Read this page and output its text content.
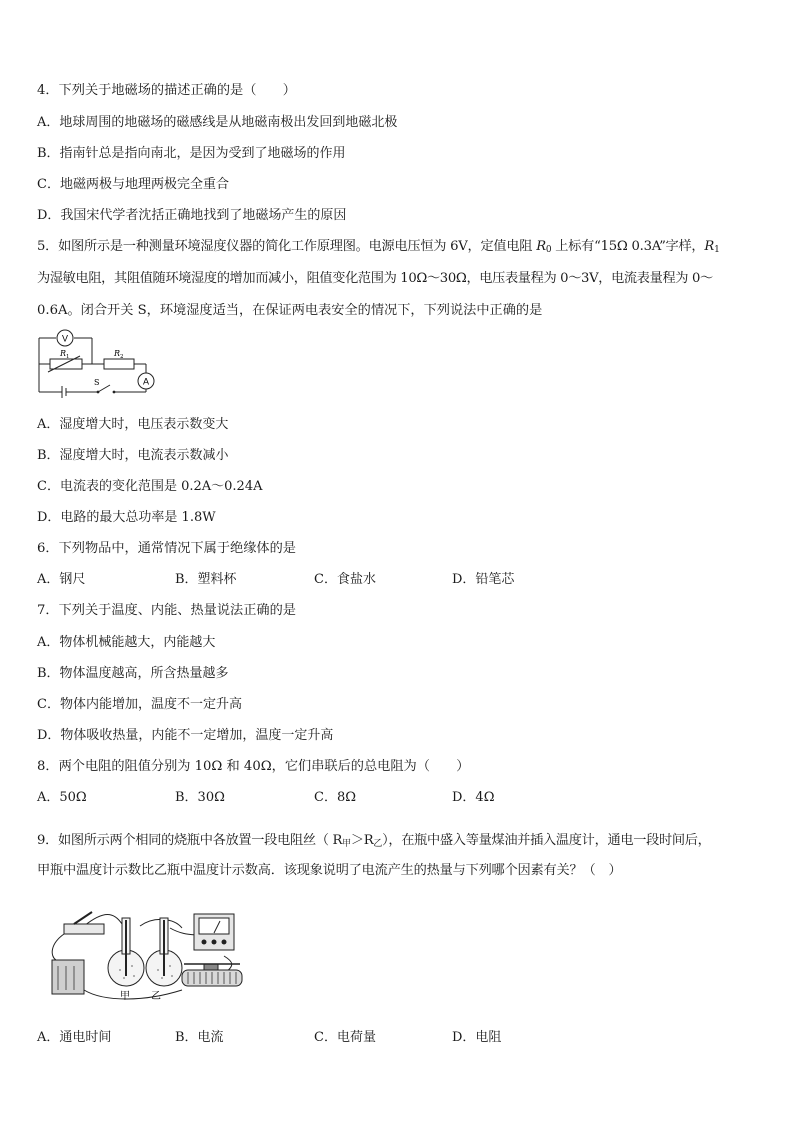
4．下列关于地磁场的描述正确的是（　　）
A．地球周围的地磁场的磁感线是从地磁南极出发回到地磁北极
B．指南针总是指向南北，是因为受到了地磁场的作用
C．地磁两极与地理两极完全重合
D．我国宋代学者沈括正确地找到了地磁场产生的原因
5．如图所示是一种测量环境湿度仪器的简化工作原理图。电源电压恒为 6V，定值电阻 $R_0$ 上标有“15Ω 0.3A”字样，$R_1$
为湿敏电阻，其阻值随环境湿度的增加而减小，阻值变化范围为 10Ω～30Ω，电压表量程为 0～3V，电流表量程为 0～
0.6A。闭合开关 S，环境湿度适当，在保证两电表安全的情况下，下列说法中正确的是
V
A
R 1	R 2
S
A．湿度增大时，电压表示数变大
B．湿度增大时，电流表示数减小
C．电流表的变化范围是 0.2A～0.24A
D．电路的最大总功率是 1.8W
6．下列物品中，通常情况下属于绝缘体的是
A．钢尺	B．塑料杯	C．食盐水	D．铅笔芯
7．下列关于温度、内能、热量说法正确的是
A．物体机械能越大，内能越大
B．物体温度越高，所含热量越多
C．物体内能增加，温度不一定升高
D．物体吸收热量，内能不一定增加，温度一定升高
8．两个电阻的阻值分别为 10Ω 和 40Ω，它们串联后的总电阻为（　　）
A．50Ω	B．30Ω	C．8Ω	D．4Ω
9．如图所示两个相同的烧瓶中各放置一段电阻丝（ $R_甲>R_乙$），在瓶中盛入等量煤油并插入温度计，通电一段时间后，
甲瓶中温度计示数比乙瓶中温度计示数高．该现象说明了电流产生的热量与下列哪个因素有关？（　）
甲 乙
A．通电时间	B．电流	C．电荷量	D．电阻
